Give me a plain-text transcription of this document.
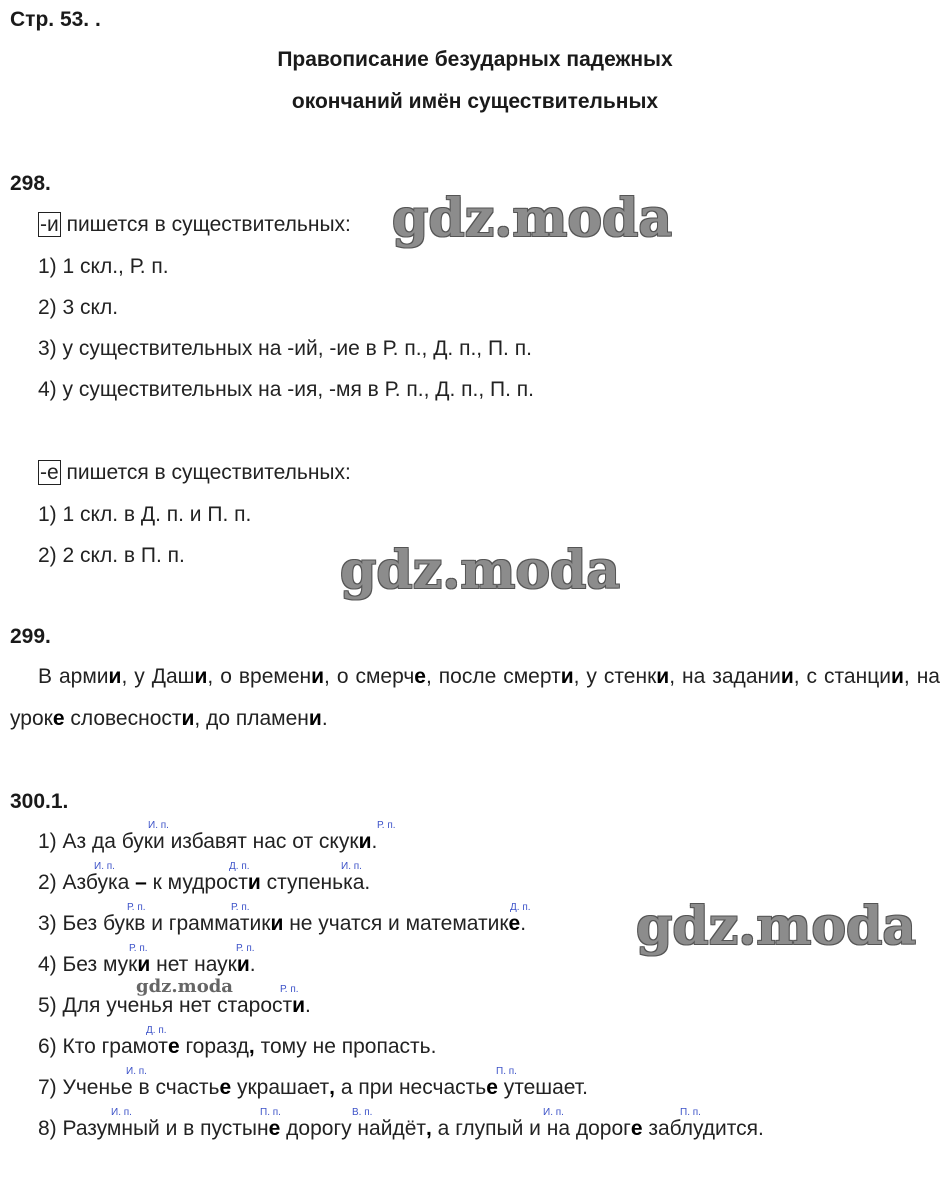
Стр. 53. .
Правописание безударных падежных
окончаний имён существительных
298.
-и пишется в существительных:
1) 1 скл., Р. п.
2) 3 скл.
3) у существительных на -ий, -ие в Р. п., Д. п., П. п.
4) у существительных на -ия, -мя в Р. п., Д. п., П. п.
-е пишется в существительных:
1) 1 скл. в Д. п. и П. п.
2) 2 скл. в П. п.
299.
В армии, у Даши, о времени, о смерче, после смерти, у стенки, на задании, с станции, на уроке словесности, до пламени.
300.1.
1) Аз да буки избавят нас от скуки.
2) Азбука – к мудрости ступенька.
3) Без букв и грамматики не учатся и математике.
4) Без муки нет науки.
5) Для ученья нет старости.
6) Кто грамоте горазд, тому не пропасть.
7) Ученье в счастье украшает, а при несчастье утешает.
8) Разумный и в пустыне дорогу найдёт, а глупый и на дороге заблудится.
И. п.	Р. п.
И. п.	Д. п.	И. п.
Р. п.	Р. п.	Д. п.
Р. п.	Р. п.
Р. п.
Д. п.
И. п.	П. п.
И. п.	П. п.	В. п.	И. п.	П. п.
gdz.moda
gdz.moda
gdz.moda
gdz.moda
